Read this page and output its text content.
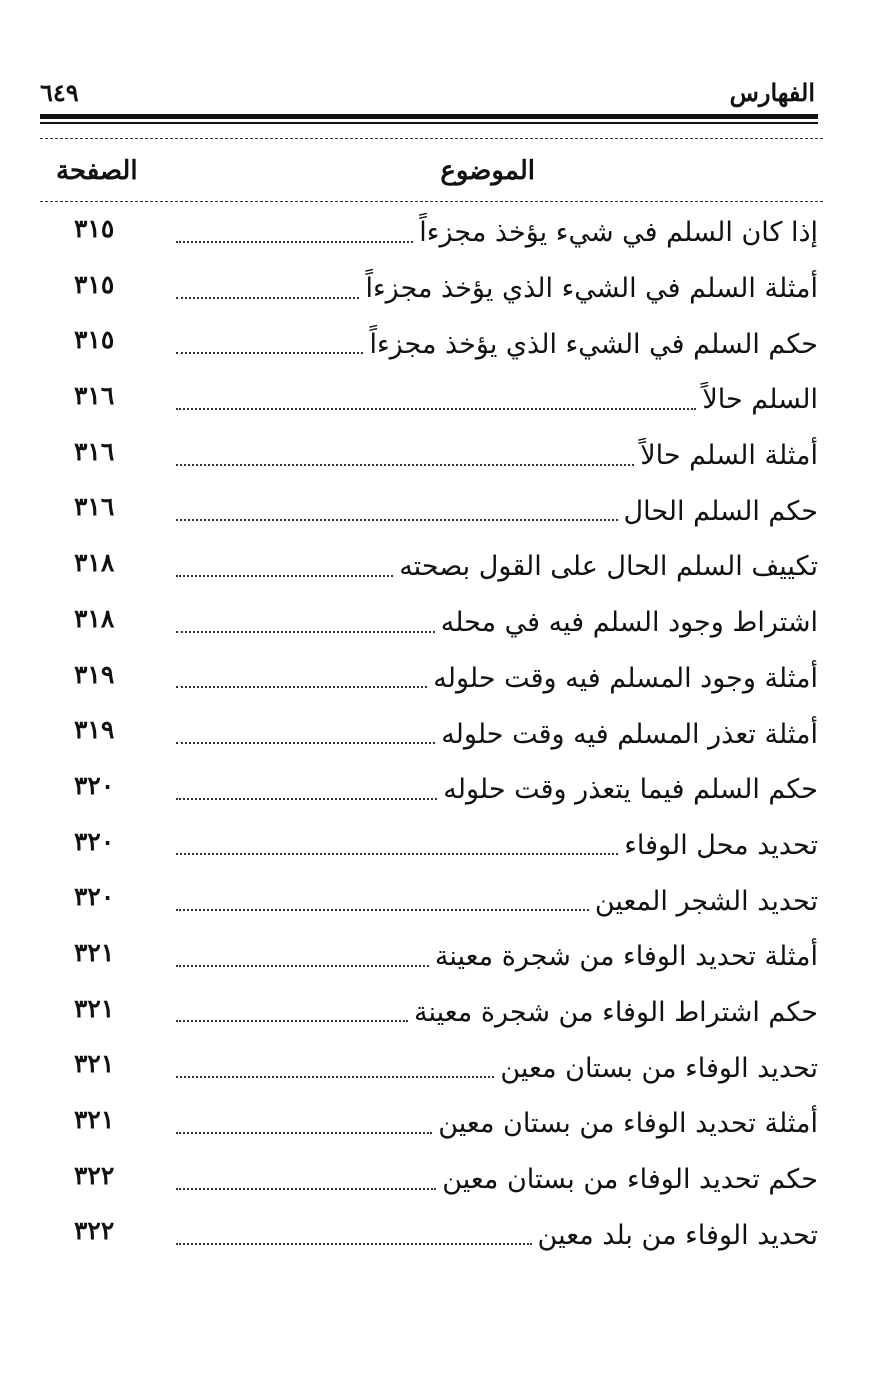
الفهارس
٦٤٩
الموضوع
الصفحة
إذا كان السلم في شيء يؤخذ مجزءاً
٣١٥
أمثلة السلم في الشيء الذي يؤخذ مجزءاً
٣١٥
حكم السلم في الشيء الذي يؤخذ مجزءاً
٣١٥
السلم حالاً
٣١٦
أمثلة السلم حالاً
٣١٦
حكم السلم الحال
٣١٦
تكييف السلم الحال على القول بصحته
٣١٨
اشتراط وجود السلم فيه في محله
٣١٨
أمثلة وجود المسلم فيه وقت حلوله
٣١٩
أمثلة تعذر المسلم فيه وقت حلوله
٣١٩
حكم السلم فيما يتعذر وقت حلوله
٣٢٠
تحديد محل الوفاء
٣٢٠
تحديد الشجر المعين
٣٢٠
أمثلة تحديد الوفاء من شجرة معينة
٣٢١
حكم اشتراط الوفاء من شجرة معينة
٣٢١
تحديد الوفاء من بستان معين
٣٢١
أمثلة تحديد الوفاء من بستان معين
٣٢١
حكم تحديد الوفاء من بستان معين
٣٢٢
تحديد الوفاء من بلد معين
٣٢٢
